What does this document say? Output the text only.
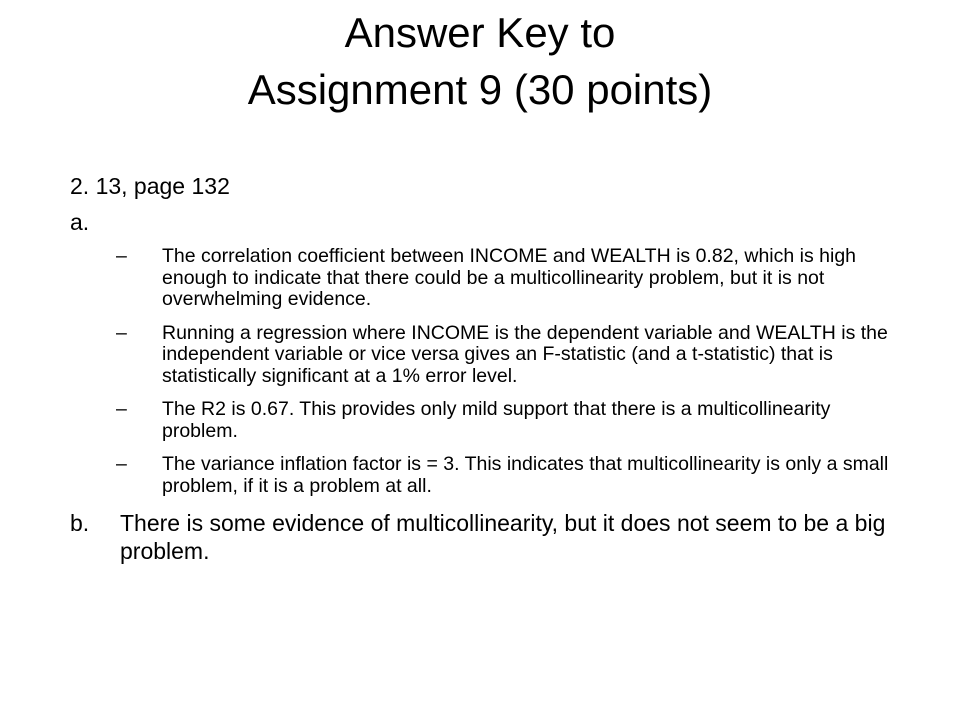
Answer Key to
Assignment 9 (30 points)

2. 13, page 132

a.

– The correlation coefficient between INCOME and WEALTH is 0.82, which is high enough to indicate that there could be a multicollinearity problem, but it is not overwhelming evidence.
– Running a regression where INCOME is the dependent variable and WEALTH is the independent variable or vice versa gives an F-statistic (and a t-statistic) that is statistically significant at a 1% error level.
– The R2 is 0.67. This provides only mild support that there is a multicollinearity problem.
– The variance inflation factor is = 3. This indicates that multicollinearity is only a small problem, if it is a problem at all.
b. There is some evidence of multicollinearity, but it does not seem to be a big problem.
